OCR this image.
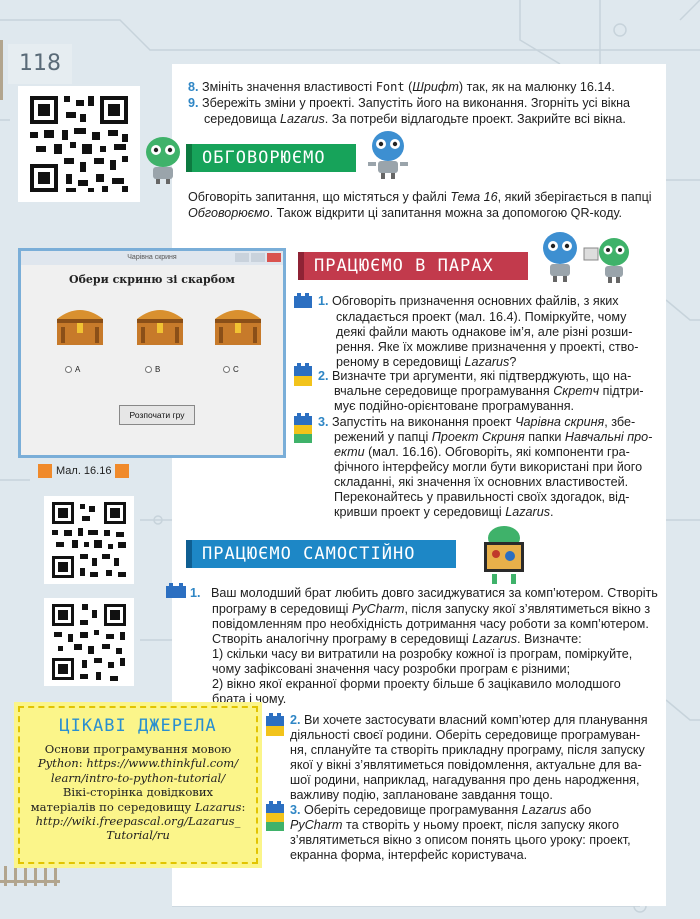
118
8. Змініть значення властивості Font (Шрифт) так, як на малюнку 16.14.
9. Збережіть зміни у проекті. Запустіть його на виконання. Згорніть усі вікна
середовища Lazarus. За потреби відлагодьте проект. Закрийте всі вікна.
ОБГОВОРЮЄМО
Обговоріть запитання, що містяться у файлі Тема 16, який зберігається в папці
Обговорюємо. Також відкрити ці запитання можна за допомогою QR-коду.
ПРАЦЮЄМО В ПАРАХ
1. Обговоріть призначення основних файлів, з яких
складається проект (мал. 16.4). Поміркуйте, чому
деякі файли мають однакове ім’я, але різні розши-
рення. Яке їх можливе призначення у проекті, ство-
реному в середовищі Lazarus?
2. Визначте три аргументи, які підтверджують, що на-
вчальне середовище програмування Скретч підтри-
мує подійно-орієнтоване програмування.
3. Запустіть на виконання проект Чарівна скриня, збе-
режений у папці Проект Скриня папки Навчальні про-
екти (мал. 16.16). Обговоріть, які компоненти гра-
фічного інтерфейсу могли бути використані при його
складанні, які значення їх основних властивостей.
Переконайтесь у правильності своїх здогадок, від-
кривши проект у середовищі Lazarus.
Чарівна скриня
Обери скриню зі скарбом
A	B	C
Розпочати гру
Мал. 16.16
ПРАЦЮЄМО САМОСТІЙНО
1. Ваш молодший брат любить довго засиджуватися за комп’ютером. Створіть
програму в середовищі PyCharm, після запуску якої з’являтиметься вікно з
повідомленням про необхідність дотримання часу роботи за комп’ютером.
Створіть аналогічну програму в середовищі Lazarus. Визначте:
1) скільки часу ви витратили на розробку кожної із програм, поміркуйте,
чому зафіксовані значення часу розробки програм є різними;
2) вікно якої екранної форми проекту більше б зацікавило молодшого
брата і чому.
2. Ви хочете застосувати власний комп’ютер для планування
діяльності своєї родини. Оберіть середовище програмуван-
ня, сплануйте та створіть прикладну програму, після запуску
якої у вікні з’являтиметься повідомлення, актуальне для ва-
шої родини, наприклад, нагадування про день народження,
важливу подію, заплановане завдання тощо.
3. Оберіть середовище програмування Lazarus або
PyCharm та створіть у ньому проект, після запуску якого
з’являтиметься вікно з описом понять цього уроку: проект,
екранна форма, інтерфейс користувача.
ЦІКАВІ ДЖЕРЕЛА
Основи програмування мовою
Python: https://www.thinkful.com/
learn/intro-to-python-tutorial/
Вікі-сторінка довідкових
матеріалів по середовищу Lazarus:
http://wiki.freepascal.org/Lazarus_
Tutorial/ru
